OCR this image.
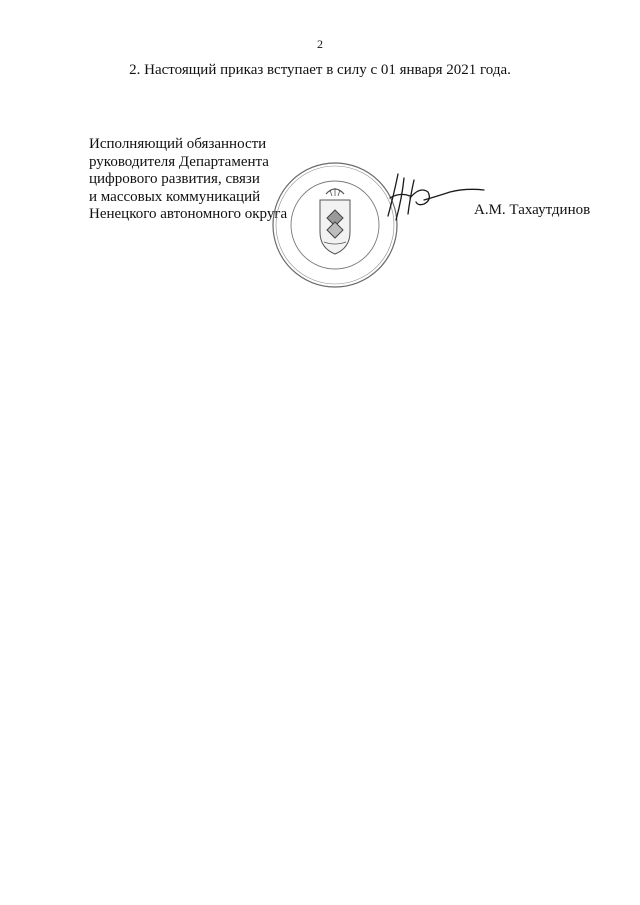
2
2. Настоящий приказ вступает в силу с 01 января 2021 года.
Исполняющий обязанности
руководителя Департамента
цифрового развития, связи
и массовых коммуникаций
Ненецкого автономного округа	А.М. Тахаутдинов
